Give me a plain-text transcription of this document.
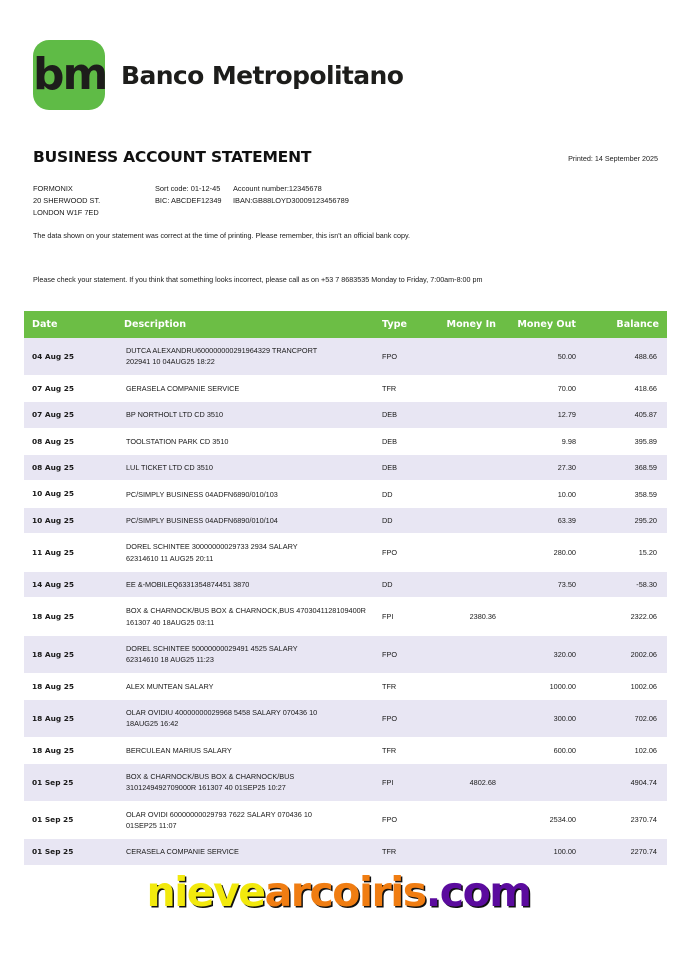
bm Banco Metropolitano
BUSINESS ACCOUNT STATEMENT	Printed: 14 September 2025
FORMONIX
20 SHERWOOD ST.
LONDON W1F 7ED
Sort code: 01-12-45	Account number:12345678
BIC: ABCDEF12349	IBAN:GB88LOYD30009123456789
The data shown on your statement was correct at the time of printing. Please remember, this isn't an official bank copy.
Please check your statement. If you think that something looks incorrect, please call as on +53 7 8683535 Monday to Friday, 7:00am-8:00 pm
Date	Description	Type	Money In	Money Out	Balance
04 Aug 25	DUTCA ALEXANDRU600000000291964329 TRANCPORT
202941 10 04AUG25 18:22	FPO		50.00	488.66
07 Aug 25	GERASELA COMPANIE SERVICE	TFR		70.00	418.66
07 Aug 25	BP NORTHOLT LTD CD 3510	DEB		12.79	405.87
08 Aug 25	TOOLSTATION PARK CD 3510	DEB		9.98	395.89
08 Aug 25	LUL TICKET LTD CD 3510	DEB		27.30	368.59
10 Aug 25	PC/SIMPLY BUSINESS 04ADFN6890/010/103	DD		10.00	358.59
10 Aug 25	PC/SIMPLY BUSINESS 04ADFN6890/010/104	DD		63.39	295.20
11 Aug 25	DOREL SCHINTEE 30000000029733 2934 SALARY
62314610 11 AUG25 20:11	FPO		280.00	15.20
14 Aug 25	EE &-MOBILEQ6331354874451 3870	DD		73.50	-58.30
18 Aug 25	BOX & CHARNOCK/BUS BOX & CHARNOCK,BUS 4703041128109400R
161307 40 18AUG25 03:11	FPI	2380.36		2322.06
18 Aug 25	DOREL SCHINTEE 50000000029491 4525 SALARY
62314610 18 AUG25 11:23	FPO		320.00	2002.06
18 Aug 25	ALEX MUNTEAN SALARY	TFR		1000.00	1002.06
18 Aug 25	OLAR OVIDIU 40000000029968 5458 SALARY 070436 10
18AUG25 16:42	FPO		300.00	702.06
18 Aug 25	BERCULEAN MARIUS SALARY	TFR		600.00	102.06
01 Sep 25	BOX & CHARNOCK/BUS BOX & CHARNOCK/BUS
3101249492709000R 161307 40 01SEP25 10:27	FPI	4802.68		4904.74
01 Sep 25	OLAR OVIDI 60000000029793 7622 SALARY 070436 10
01SEP25 11:07	FPO		2534.00	2370.74
01 Sep 25	CERASELA COMPANIE SERVICE	TFR		100.00	2270.74
nievearcoiris.com
